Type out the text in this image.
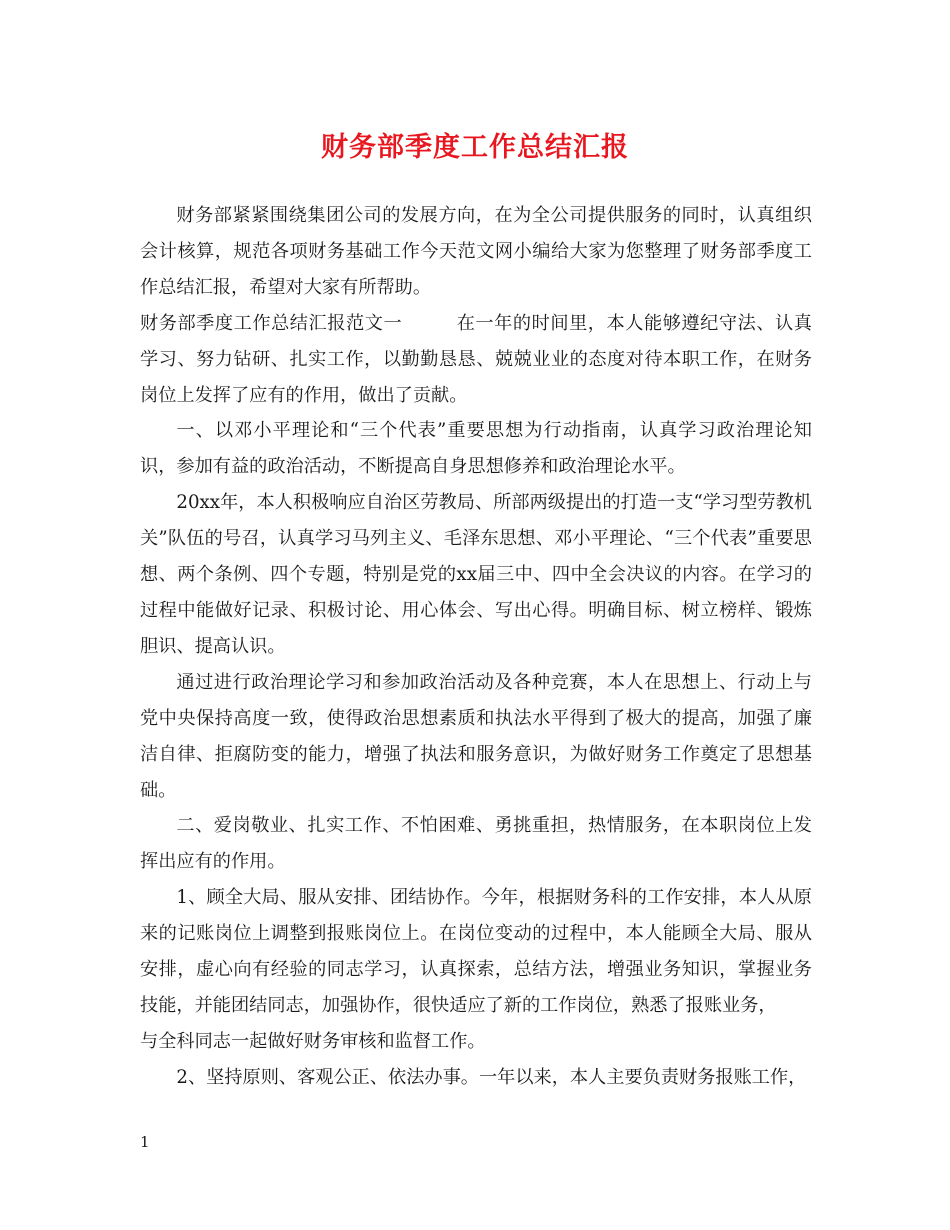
财务部季度工作总结汇报

财务部紧紧围绕集团公司的发展方向，在为全公司提供服务的同时，认真组织会计核算，规范各项财务基础工作今天范文网小编给大家为您整理了财务部季度工作总结汇报，希望对大家有所帮助。

财务部季度工作总结汇报范文一	在一年的时间里，本人能够遵纪守法、认真学习、努力钻研、扎实工作，以勤勤恳恳、兢兢业业的态度对待本职工作，在财务岗位上发挥了应有的作用，做出了贡献。

一、以邓小平理论和“三个代表”重要思想为行动指南，认真学习政治理论知识，参加有益的政治活动，不断提高自身思想修养和政治理论水平。

20xx年，本人积极响应自治区劳教局、所部两级提出的打造一支“学习型劳教机关”队伍的号召，认真学习马列主义、毛泽东思想、邓小平理论、“三个代表”重要思想、两个条例、四个专题，特别是党的xx届三中、四中全会决议的内容。在学习的过程中能做好记录、积极讨论、用心体会、写出心得。明确目标、树立榜样、锻炼胆识、提高认识。

通过进行政治理论学习和参加政治活动及各种竞赛，本人在思想上、行动上与党中央保持高度一致，使得政治思想素质和执法水平得到了极大的提高，加强了廉洁自律、拒腐防变的能力，增强了执法和服务意识，为做好财务工作奠定了思想基础。

二、爱岗敬业、扎实工作、不怕困难、勇挑重担，热情服务，在本职岗位上发挥出应有的作用。

1、顾全大局、服从安排、团结协作。今年，根据财务科的工作安排，本人从原来的记账岗位上调整到报账岗位上。在岗位变动的过程中，本人能顾全大局、服从安排，虚心向有经验的同志学习，认真探索，总结方法，增强业务知识，掌握业务技能，并能团结同志，加强协作，很快适应了新的工作岗位，熟悉了报账业务，

与全科同志一起做好财务审核和监督工作。

2、坚持原则、客观公正、依法办事。一年以来，本人主要负责财务报账工作，

1
